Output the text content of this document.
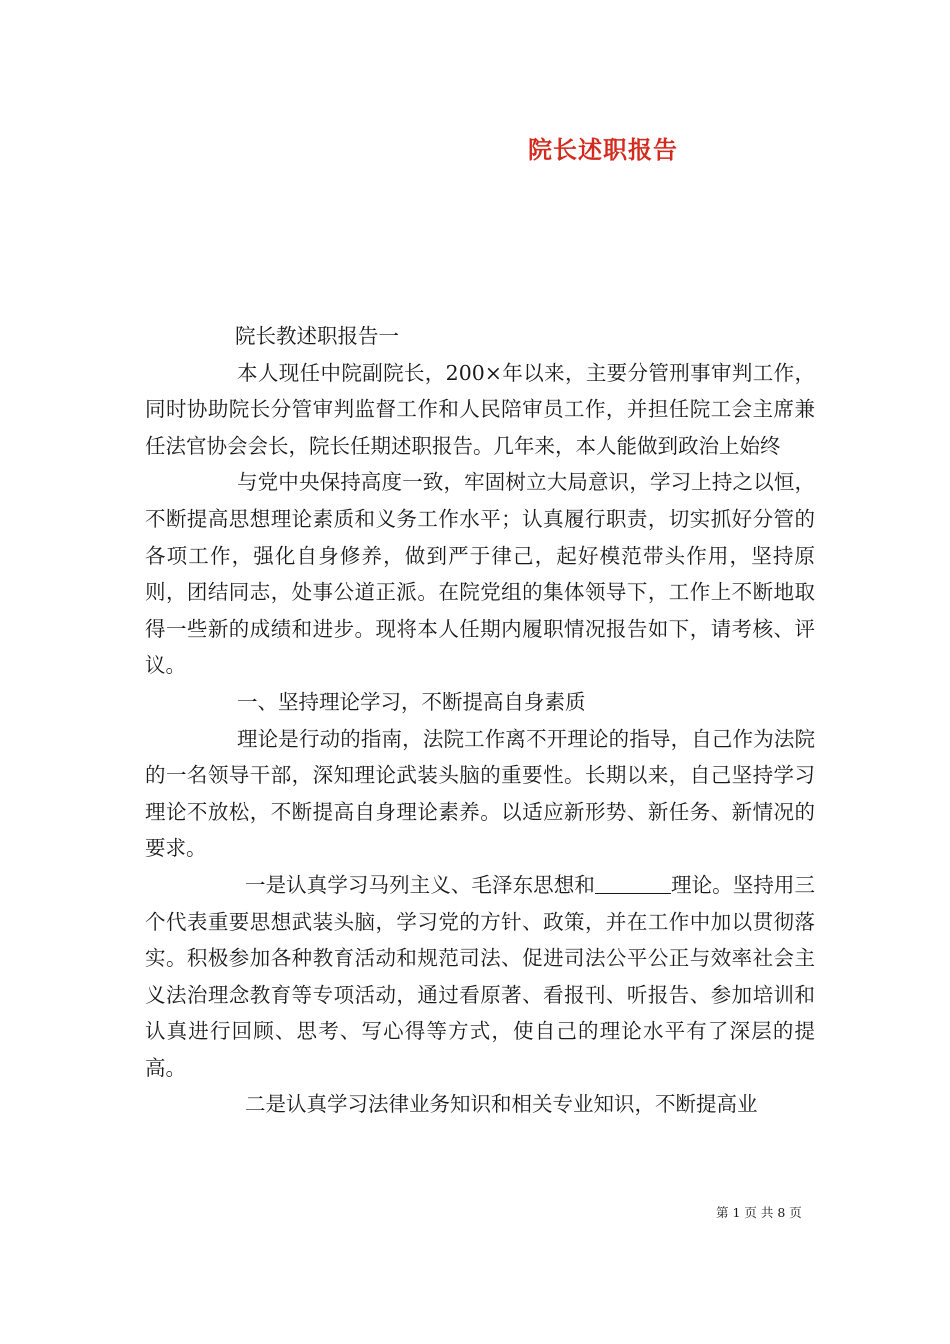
院长述职报告

院长教述职报告一

本人现任中院副院长，200×年以来，主要分管刑事审判工作，同时协助院长分管审判监督工作和人民陪审员工作，并担任院工会主席兼任法官协会会长，院长任期述职报告。几年来，本人能做到政治上始终

与党中央保持高度一致，牢固树立大局意识，学习上持之以恒，不断提高思想理论素质和义务工作水平；认真履行职责，切实抓好分管的各项工作，强化自身修养，做到严于律己，起好模范带头作用，坚持原则，团结同志，处事公道正派。在院党组的集体领导下，工作上不断地取得一些新的成绩和进步。现将本人任期内履职情况报告如下，请考核、评议。

一、坚持理论学习，不断提高自身素质

理论是行动的指南，法院工作离不开理论的指导，自己作为法院的一名领导干部，深知理论武装头脑的重要性。长期以来，自己坚持学习理论不放松，不断提高自身理论素养。以适应新形势、新任务、新情况的要求。

一是认真学习马列主义、毛泽东思想和	理论。坚持用三个代表重要思想武装头脑，学习党的方针、政策，并在工作中加以贯彻落实。积极参加各种教育活动和规范司法、促进司法公平公正与效率社会主义法治理念教育等专项活动，通过看原著、看报刊、听报告、参加培训和认真进行回顾、思考、写心得等方式，使自己的理论水平有了深层的提高。

二是认真学习法律业务知识和相关专业知识，不断提高业

第 1 页 共 8 页
